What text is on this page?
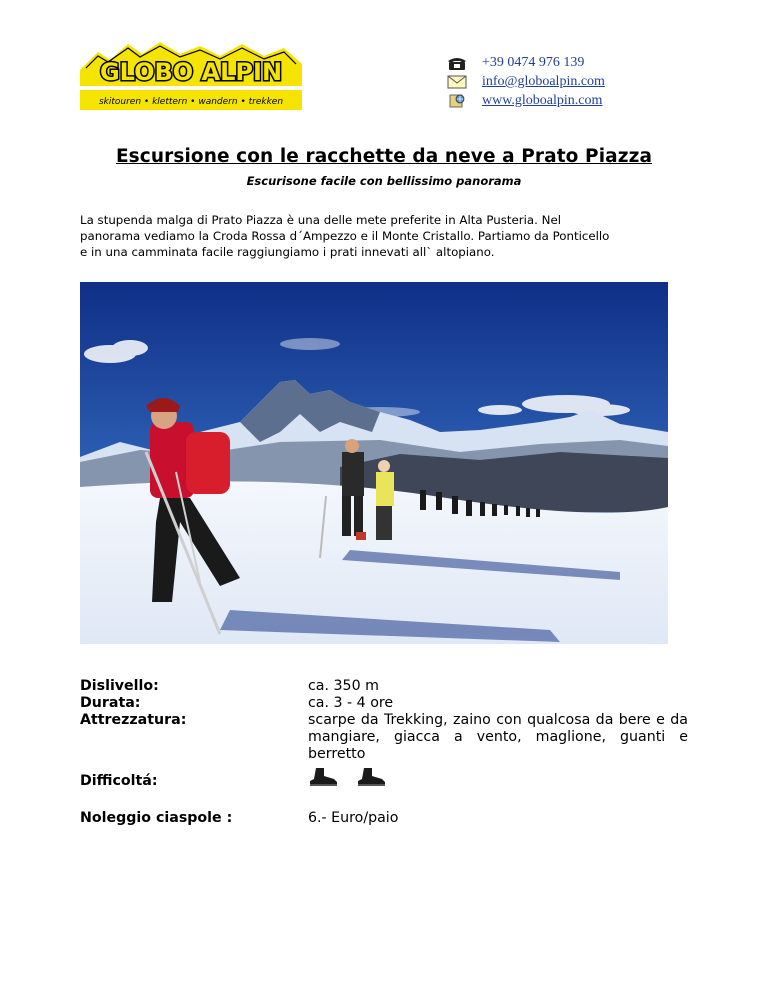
GLOBO ALPIN
skitouren • klettern • wandern • trekken
+39 0474 976 139
info@globoalpin.com
www.globoalpin.com
Escursione con le racchette da neve a Prato Piazza
Escurisone facile con bellissimo panorama

La stupenda malga di Prato Piazza è una delle mete preferite in Alta Pusteria. Nel

panorama vediamo la Croda Rossa d´Ampezzo e il Monte Cristallo. Partiamo da Ponticello

e in una camminata facile raggiungiamo i prati innevati all` altopiano.

Dislivello:	ca. 350 m
Durata:	ca. 3 - 4 ore
Attrezzatura:	scarpe da Trekking, zaino con qualcosa da bere e da mangiare, giacca a vento, maglione, guanti e berretto
Difficoltá:
Noleggio ciaspole :	6.- Euro/paio
